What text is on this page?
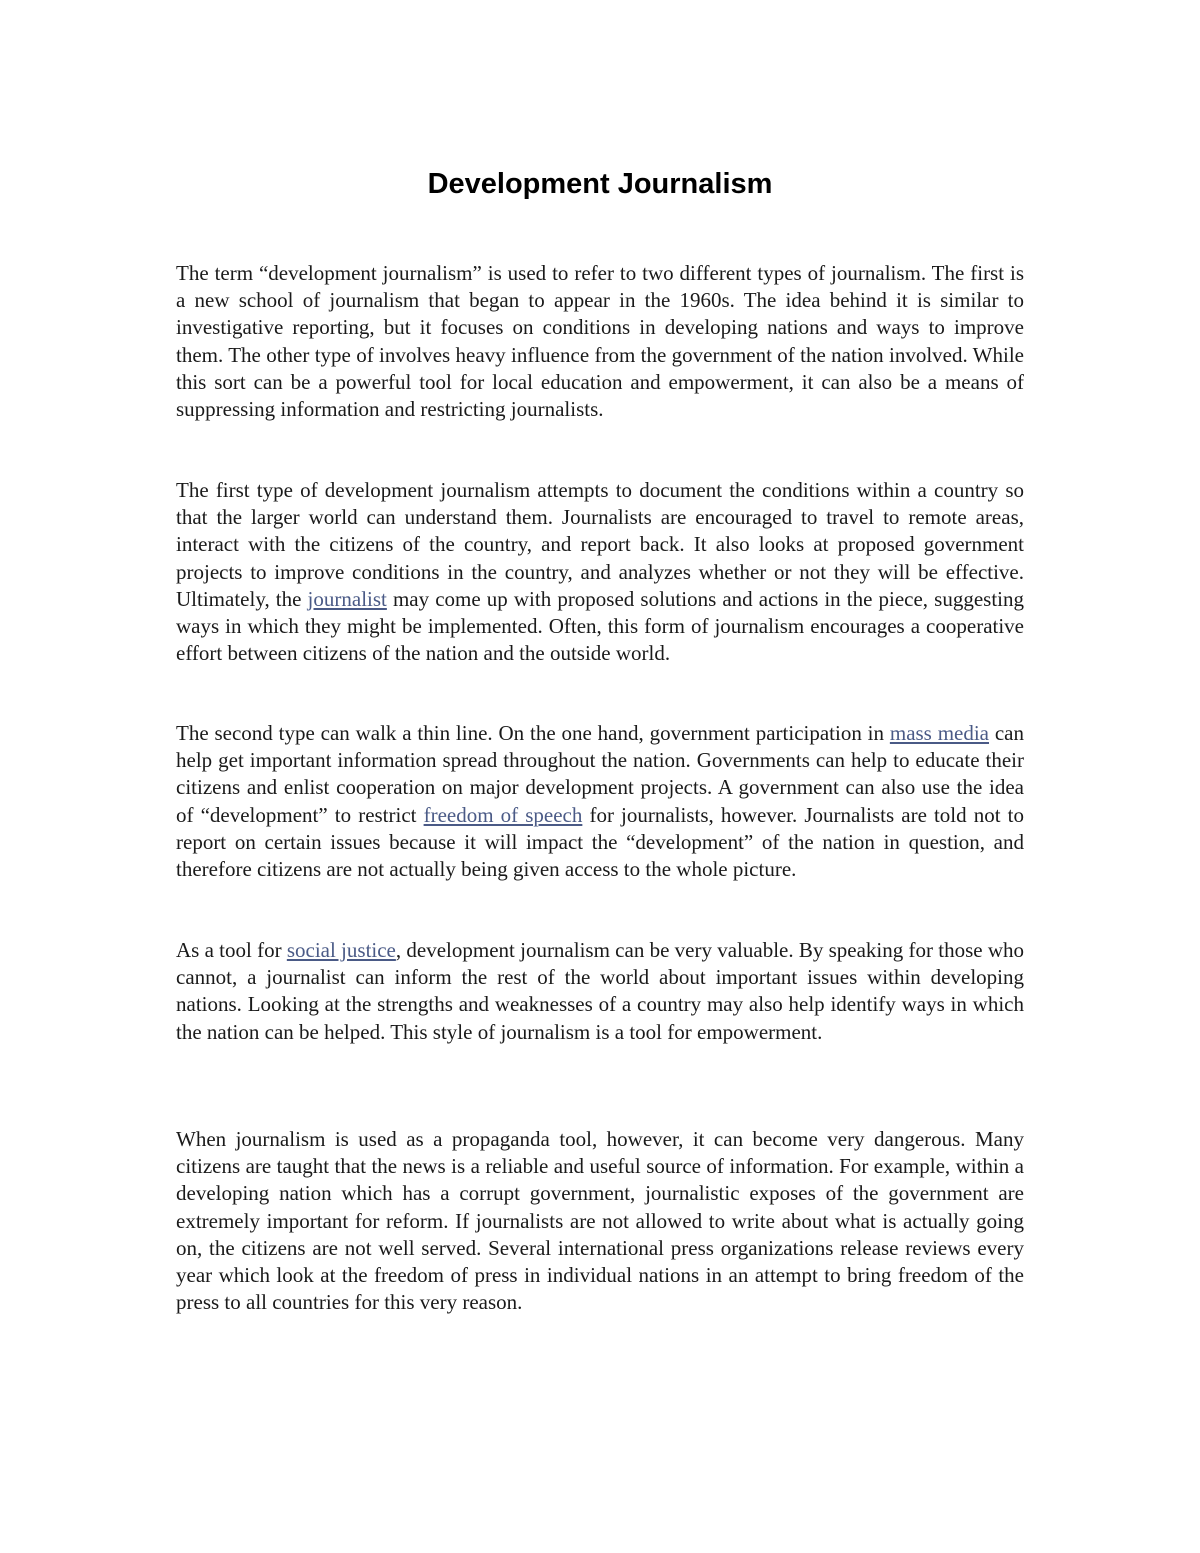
Development Journalism

The term “development journalism” is used to refer to two different types of journalism. The first is a new school of journalism that began to appear in the 1960s. The idea behind it is similar to investigative reporting, but it focuses on conditions in developing nations and ways to improve them. The other type of involves heavy influence from the government of the nation involved. While this sort can be a powerful tool for local education and empowerment, it can also be a means of suppressing information and restricting journalists.

The first type of development journalism attempts to document the conditions within a country so that the larger world can understand them. Journalists are encouraged to travel to remote areas, interact with the citizens of the country, and report back. It also looks at proposed government projects to improve conditions in the country, and analyzes whether or not they will be effective. Ultimately, the journalist may come up with proposed solutions and actions in the piece, suggesting ways in which they might be implemented. Often, this form of journalism encourages a cooperative effort between citizens of the nation and the outside world.

The second type can walk a thin line. On the one hand, government participation in mass media can help get important information spread throughout the nation. Governments can help to educate their citizens and enlist cooperation on major development projects. A government can also use the idea of “development” to restrict freedom of speech for journalists, however. Journalists are told not to report on certain issues because it will impact the “development” of the nation in question, and therefore citizens are not actually being given access to the whole picture.

As a tool for social justice, development journalism can be very valuable. By speaking for those who cannot, a journalist can inform the rest of the world about important issues within developing nations. Looking at the strengths and weaknesses of a country may also help identify ways in which the nation can be helped. This style of journalism is a tool for empowerment.

When journalism is used as a propaganda tool, however, it can become very dangerous. Many citizens are taught that the news is a reliable and useful source of information. For example, within a developing nation which has a corrupt government, journalistic exposes of the government are extremely important for reform. If journalists are not allowed to write about what is actually going on, the citizens are not well served. Several international press organizations release reviews every year which look at the freedom of press in individual nations in an attempt to bring freedom of the press to all countries for this very reason.
